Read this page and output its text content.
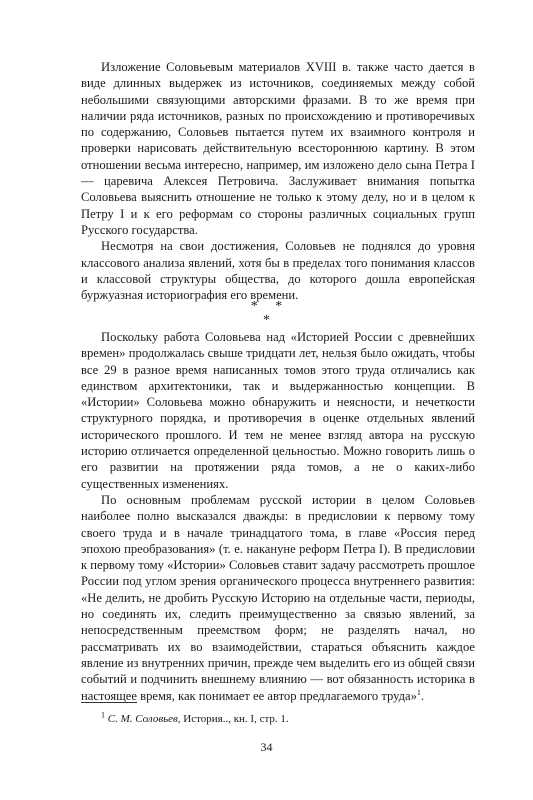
Изложение Соловьевым материалов XVIII в. также часто дается в виде длинных выдержек из источников, соединяемых между собой небольшими связующими авторскими фразами. В то же время при наличии ряда источников, разных по происхождению и противоречивых по содержанию, Соловьев пытается путем их взаимного контроля и проверки нарисовать действительную всестороннюю картину. В этом отношении весьма интересно, например, им изложено дело сына Петра I — царевича Алексея Петровича. Заслуживает внимания попытка Соловьева выяснить отношение не только к этому делу, но и в целом к Петру I и к его реформам со стороны различных социальных групп Русского государства.

Несмотря на свои достижения, Соловьев не поднялся до уровня классового анализа явлений, хотя бы в пределах того понимания классов и классовой структуры общества, до которого дошла европейская буржуазная историография его времени.

* *
*

Поскольку работа Соловьева над «Историей России с древнейших времен» продолжалась свыше тридцати лет, нельзя было ожидать, чтобы все 29 в разное время написанных томов этого труда отличались как единством архитектоники, так и выдержанностью концепции. В «Истории» Соловьева можно обнаружить и неясности, и нечеткости структурного порядка, и противоречия в оценке отдельных явлений исторического прошлого. И тем не менее взгляд автора на русскую историю отличается определенной цельностью. Можно говорить лишь о его развитии на протяжении ряда томов, а не о каких-либо существенных изменениях.

По основным проблемам русской истории в целом Соловьев наиболее полно высказался дважды: в предисловии к первому тому своего труда и в начале тринадцатого тома, в главе «Россия перед эпохою преобразования» (т. е. накануне реформ Петра I). В предисловии к первому тому «Истории» Соловьев ставит задачу рассмотреть прошлое России под углом зрения органического процесса внутреннего развития: «Не делить, не дробить Русскую Историю на отдельные части, периоды, но соединять их, следить преимущественно за связью явлений, за непосредственным преемством форм; не разделять начал, но рассматривать их во взаимодействии, стараться объяснить каждое явление из внутренних причин, прежде чем выделить его из общей связи событий и подчинить внешнему влиянию — вот обязанность историка в настоящее время, как понимает ее автор предлагаемого труда»$^1$.

$^1$ С. М. Соловьев, История.., кн. I, стр. 1.
34
